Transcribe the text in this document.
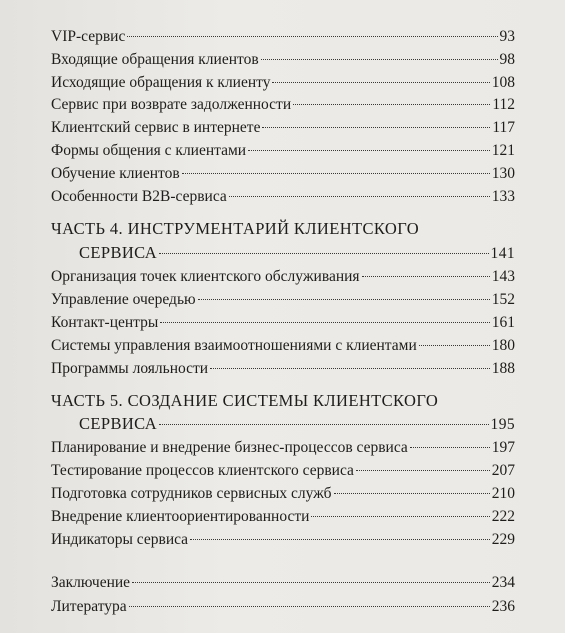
VIP-сервис	93
Входящие обращения клиентов	98
Исходящие обращения к клиенту	108
Сервис при возврате задолженности	112
Клиентский сервис в интернете	117
Формы общения с клиентами	121
Обучение клиентов	130
Особенности B2B-сервиса	133
ЧАСТЬ 4. ИНСТРУМЕНТАРИЙ КЛИЕНТСКОГО
СЕРВИСА	141
Организация точек клиентского обслуживания	143
Управление очередью	152
Контакт-центры	161
Системы управления взаимоотношениями с клиентами	180
Программы лояльности	188
ЧАСТЬ 5. СОЗДАНИЕ СИСТЕМЫ КЛИЕНТСКОГО
СЕРВИСА	195
Планирование и внедрение бизнес-процессов сервиса	197
Тестирование процессов клиентского сервиса	207
Подготовка сотрудников сервисных служб	210
Внедрение клиентоориентированности	222
Индикаторы сервиса	229
Заключение	234
Литература	236
